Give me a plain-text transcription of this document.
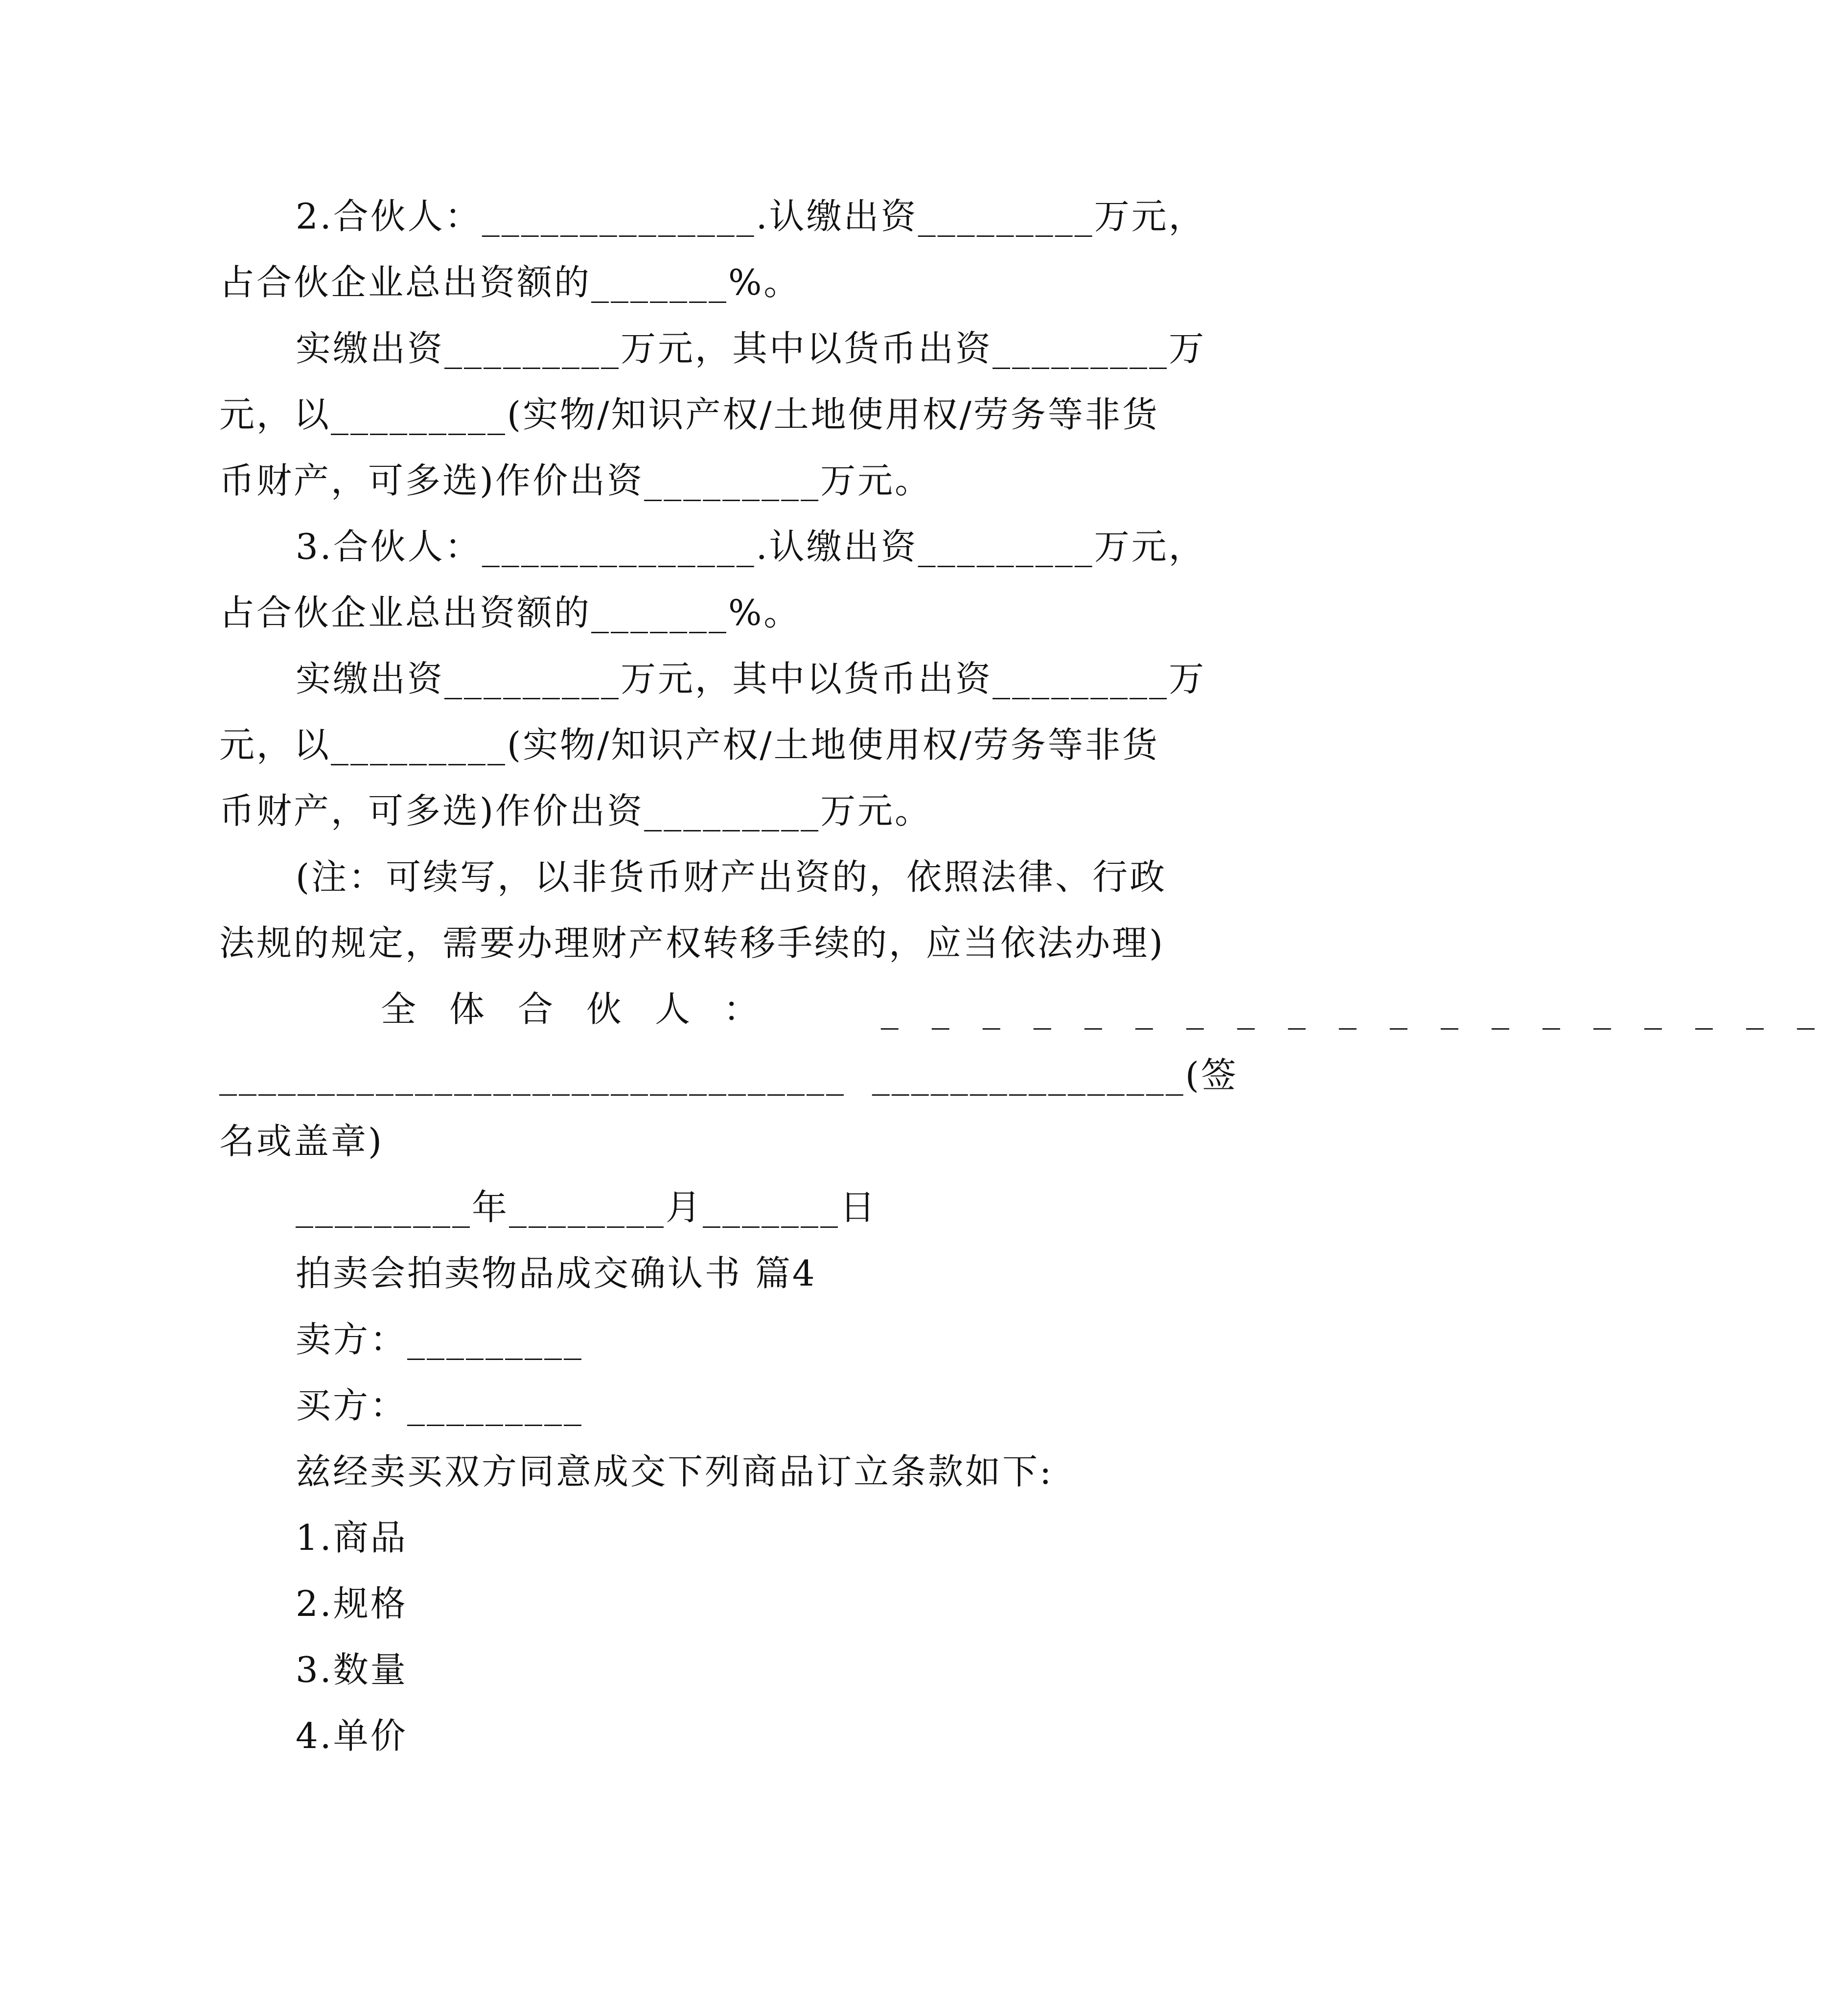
2.合伙人：______________.认缴出资_________万元，
占合伙企业总出资额的_______%。
实缴出资_________万元，其中以货币出资_________万
元，以_________(实物/知识产权/土地使用权/劳务等非货
币财产，可多选)作价出资_________万元。
3.合伙人：______________.认缴出资_________万元，
占合伙企业总出资额的_______%。
实缴出资_________万元，其中以货币出资_________万
元，以_________(实物/知识产权/土地使用权/劳务等非货
币财产，可多选)作价出资_________万元。
(注：可续写，以非货币财产出资的，依照法律、行政
法规的规定，需要办理财产权转移手续的，应当依法办理)
全体合伙人：  ___________________
________________________________  ________________(签
名或盖章)
_________年________月_______日
拍卖会拍卖物品成交确认书 篇4
卖方：_________
买方：_________
兹经卖买双方同意成交下列商品订立条款如下:
1.商品
2.规格
3.数量
4.单价
